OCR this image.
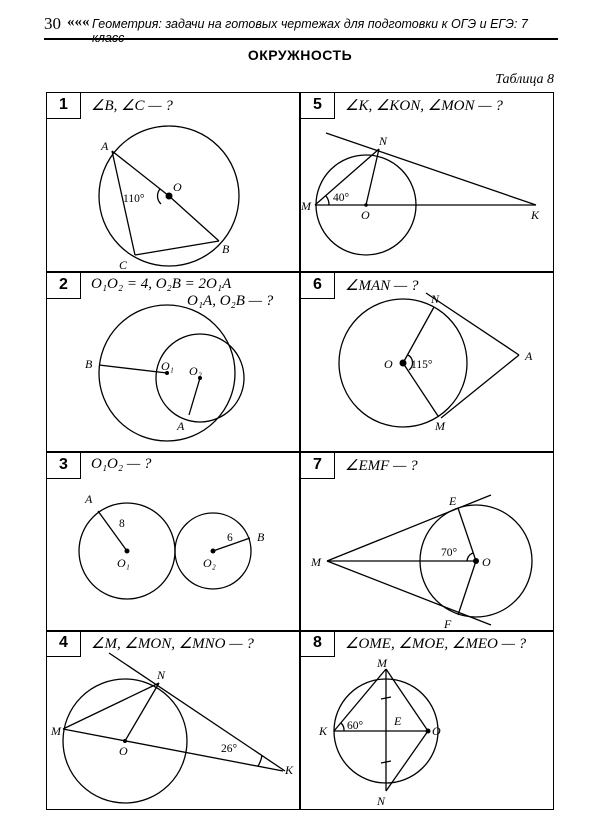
30 ««« Геометрия: задачи на готовых чертежах для подготовки к ОГЭ и ЕГЭ: 7 класс
ОКРУЖНОСТЬ
Таблица 8
1	∠B, ∠C — ?
A
O
B
C
110°
5	∠K, ∠KON, ∠MON — ?
N
M
O	K
40°
2	O₁O₂ = 4, O₂B = 2O₁A
O₁A, O₂B — ?
B	O₁ O₂
A
6	∠MAN — ?
N
O
A
M
115°
3	O₁O₂ — ?
A
8
O₁	O₂
6 B
7	∠EMF — ?
E
M	O
F
70°
4	∠M, ∠MON, ∠MNO — ?
N
M
O
K
26°
8	∠OME, ∠MOE, ∠MEO — ?
M
K
E
O
N
60°
